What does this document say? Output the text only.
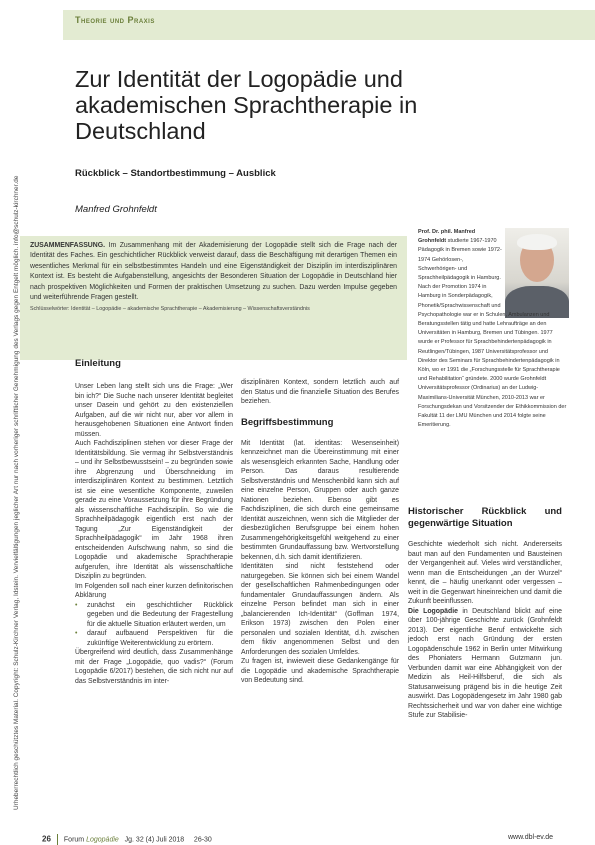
Urheberrechtlich geschütztes Material. Copyright: Schulz-Kirchner Verlag, Idstein. Vervielfältigungen jeglicher Art nur nach vorheriger schriftlicher Genehmigung des Verlags gegen Entgelt möglich. info@schulz-kirchner.de
Theorie und Praxis
Zur Identität der Logopädie und akademischen Sprachtherapie in Deutschland
Rückblick – Standortbestimmung – Ausblick
Manfred Grohnfeldt

ZUSAMMENFASSUNG. Im Zusammenhang mit der Akademisierung der Logopädie stellt sich die Frage nach der Identität des Faches. Ein geschichtlicher Rückblick verweist darauf, dass die Beschäftigung mit derartigen Themen ein wesentliches Merkmal für ein selbstbestimmtes Handeln und eine Eigenständigkeit der Disziplin im interdisziplinären Kontext ist. Es besteht die Aufgabenstellung, angesichts der Besonderen Situation der Logopädie in Deutschland hier nach prospektiven Möglichkeiten und Formen der praktischen Umsetzung zu suchen. Dazu werden Impulse gegeben und weiterführende Fragen gestellt.

Schlüsselwörter: Identität – Logopädie – akademische Sprachtherapie – Akademisierung – Wissenschaftsverständnis

Prof. Dr. phil. Manfred Grohnfeldt studierte 1967-1970 Pädagogik in Bremen sowie 1972-1974 Gehörlosen-, Schwerhörigen- und Sprachheilpädagogik in Hamburg. Nach der Promotion 1974 in Hamburg in Sonderpädagogik, Phonetik/Sprachwissenschaft und
Psychopathologie war er in Schulen, Ambulanzen und Beratungsstellen tätig und hatte Lehraufträge an den Universitäten in Hamburg, Bremen und Tübingen. 1977 wurde er Professor für Sprachbehindertenpädagogik in Reutlingen/Tübingen, 1987 Universitätsprofessor und Direktor des Seminars für Sprachbehindertenpädagogik in Köln, wo er 1991 die „Forschungsstelle für Sprachtherapie und Rehabilitation“ gründete. 2000 wurde Grohnfeldt Universitätsprofessor (Ordinarius) an der Ludwig-Maximilians-Universität München, 2010-2013 war er Forschungsdekan und Vorsitzender der Ethikkommission der Fakultät 11 der LMU München und 2014 folgte seine Emeritierung.
Einleitung

Unser Leben lang stellt sich uns die Frage: „Wer bin ich?“ Die Suche nach unserer Identität begleitet unser Dasein und gehört zu den existenziellen Aufgaben, auf die wir nicht nur, aber vor allem in herausgehobenen Situationen eine Antwort finden müssen.

Auch Fachdisziplinen stehen vor dieser Frage der Identitätsbildung. Sie vermag ihr Selbstverständnis – und ihr Selbstbewusstsein! – zu begründen sowie ihre Abgrenzung und Überschneidung im interdisziplinären Kontext zu bestimmen. Letztlich ist sie eine wesentliche Komponente, zuweilen gerade zu eine Voraussetzung für ihre Begründung als wissenschaftliche Fachdisziplin. So wie die Sprachheilpädagogik eigentlich erst nach der Tagung „Zur Eigenständigkeit der Sprachheilpädagogik“ im Jahr 1968 ihren entscheidenden Aufschwung nahm, so sind die Logopädie und akademische Sprachtherapie aufgerufen, ihre Identität als wissenschaftliche Disziplin zu begründen.

Im Folgenden soll nach einer kurzen definitorischen Abklärung

•	zunächst ein geschichtlicher Rückblick gegeben und die Bedeutung der Fragestellung für die aktuelle Situation erläutert werden, um
•	darauf aufbauend Perspektiven für die zukünftige Weiterentwicklung zu erörtern.

Übergreifend wird deutlich, dass Zusammenhänge mit der Frage „Logopädie, quo vadis?“ (Forum Logopädie 6/2017) bestehen, die sich nicht nur auf das Selbstverständnis im inter-

disziplinären Kontext, sondern letztlich auch auf den Status und die finanzielle Situation des Berufes beziehen.

Begriffsbestimmung

Mit Identität (lat. identitas: Wesenseinheit) kennzeichnet man die Übereinstimmung mit einer als wesensgleich erkannten Sache, Handlung oder Person. Das daraus resultierende Selbstverständnis und Menschenbild kann sich auf eine einzelne Person, Gruppen oder auch ganze Nationen beziehen. Ebenso gibt es Fachdisziplinen, die sich durch eine gemeinsame Identität auszeichnen, wenn sich die Mitglieder der diesbezüglichen Berufsgruppe bei einem hohen Zusammengehörigkeitsgefühl weitgehend zu einer bestimmten Grundauffassung bzw. Wertvorstellung bekennen, d.h. sich damit identifizieren.

Identitäten sind nicht feststehend oder naturgegeben. Sie können sich bei einem Wandel der gesellschaftlichen Rahmenbedingungen oder fundamentaler Grundauffassungen ändern. Als einzelne Person befindet man sich in einer „balancierenden Ich-Identität“ (Goffman 1974, Erikson 1973) zwischen den Polen einer personalen und sozialen Identität, d.h. zwischen dem fiktiv angenommenen Selbst und den Anforderungen des sozialen Umfeldes.

Zu fragen ist, inwieweit diese Gedankengänge für die Logopädie und akademische Sprachtherapie von Bedeutung sind.

Historischer Rückblick und gegenwärtige Situation

Geschichte wiederholt sich nicht. Andererseits baut man auf den Fundamenten und Bausteinen der Vergangenheit auf. Vieles wird verständlicher, wenn man die Entscheidungen „an der Wurzel“ kennt, die – häufig unerkannt oder vergessen – weit in die Gegenwart hineinreichen und damit die Zukunft beeinflussen.

Die Logopädie in Deutschland blickt auf eine über 100-jährige Geschichte zurück (Grohnfeldt 2013). Der eigentliche Beruf entwickelte sich jedoch erst nach Gründung der ersten Logopädenschule 1962 in Berlin unter Mitwirkung des Phoniaters Hermann Gutzmann jun. Verbunden damit war eine Abhängigkeit von der Medizin als Heil-Hilfsberuf, die sich als Statusanweisung prägend bis in die heutige Zeit auswirkt. Das Logopädengesetz im Jahr 1980 gab Rechtssicherheit und war von daher eine wichtige Stufe zur Stabilisie-

26 Forum Logopädie Jg. 32 (4) Juli 2018 26-30	www.dbl-ev.de
